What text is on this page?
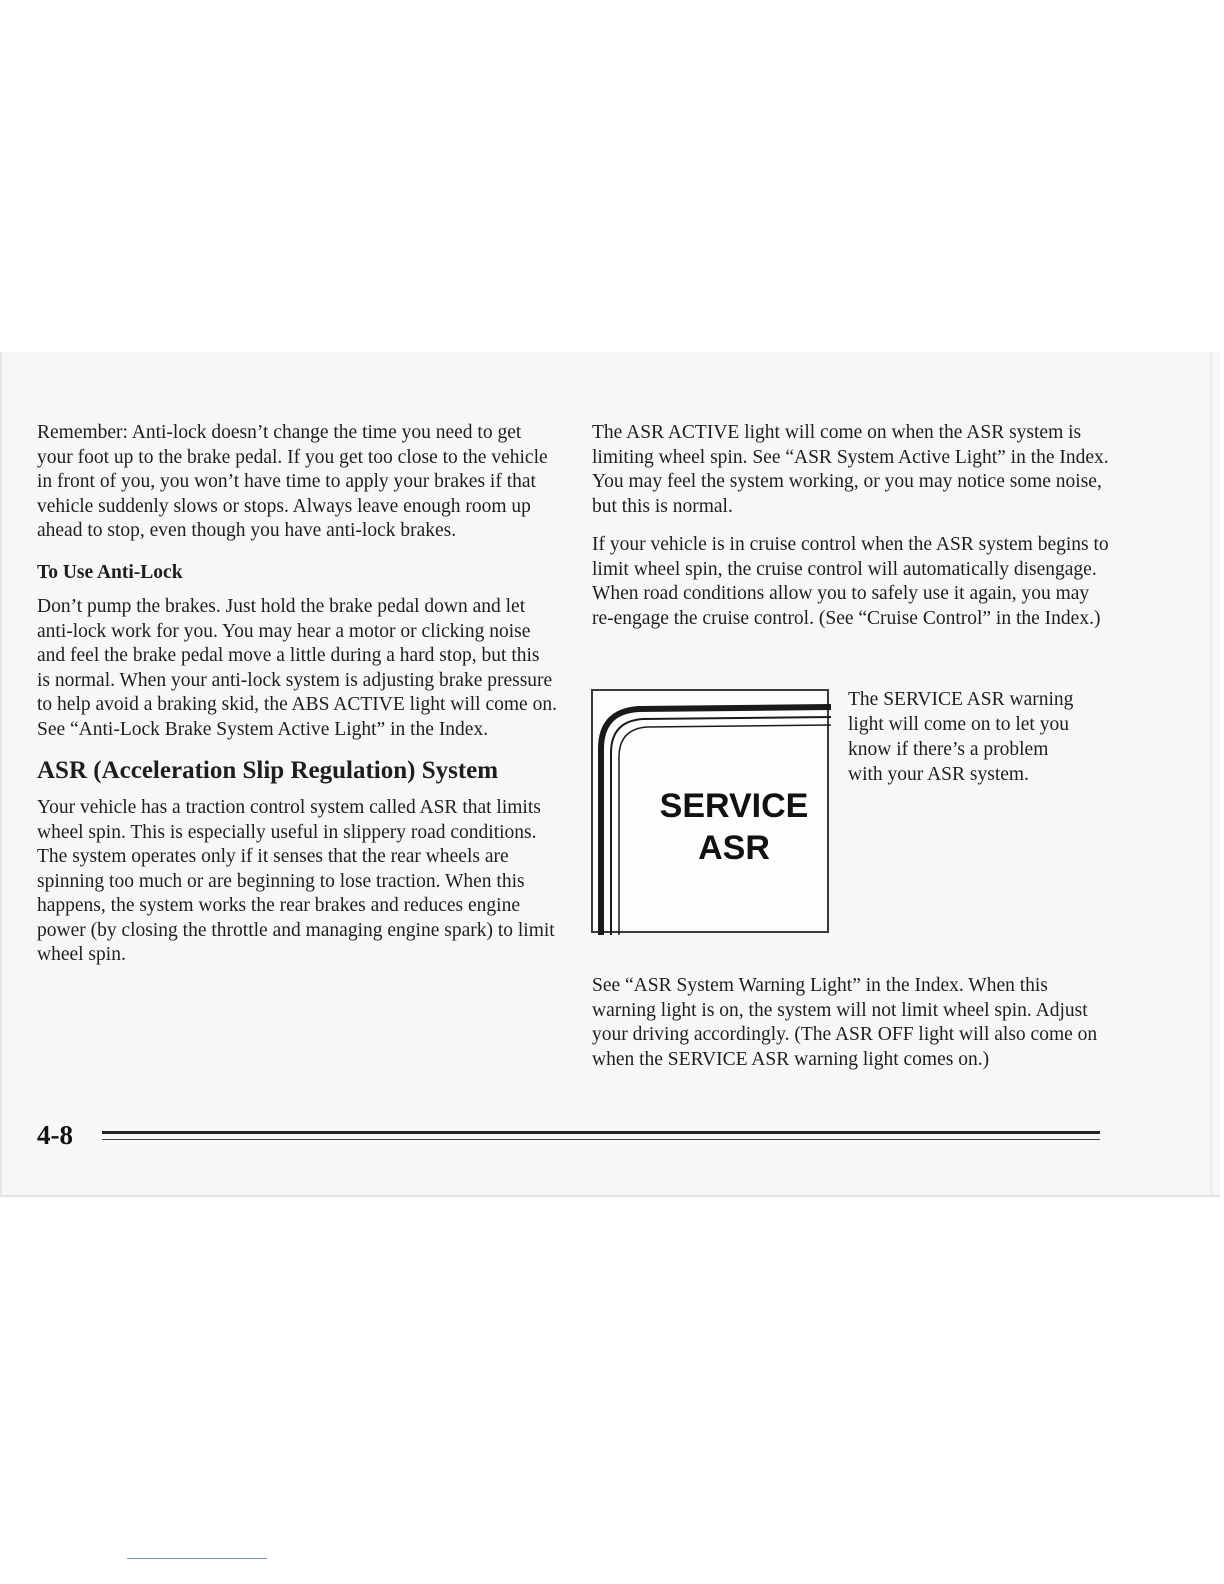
Remember: Anti-lock doesn’t change the time you need to get your foot up to the brake pedal. If you get too close to the vehicle in front of you, you won’t have time to apply your brakes if that vehicle suddenly slows or stops. Always leave enough room up ahead to stop, even though you have anti-lock brakes.

To Use Anti-Lock

Don’t pump the brakes. Just hold the brake pedal down and let anti-lock work for you. You may hear a motor or clicking noise and feel the brake pedal move a little during a hard stop, but this is normal. When your anti-lock system is adjusting brake pressure to help avoid a braking skid, the ABS ACTIVE light will come on. See “Anti-Lock Brake System Active Light” in the Index.

ASR (Acceleration Slip Regulation) System

Your vehicle has a traction control system called ASR that limits wheel spin. This is especially useful in slippery road conditions. The system operates only if it senses that the rear wheels are spinning too much or are beginning to lose traction. When this happens, the system works the rear brakes and reduces engine power (by closing the throttle and managing engine spark) to limit wheel spin.

The ASR ACTIVE light will come on when the ASR system is limiting wheel spin. See “ASR System Active Light” in the Index. You may feel the system working, or you may notice some noise, but this is normal.

If your vehicle is in cruise control when the ASR system begins to limit wheel spin, the cruise control will automatically disengage. When road conditions allow you to safely use it again, you may re-engage the cruise control. (See “Cruise Control” in the Index.)

SERVICE
ASR
The SERVICE ASR warning light will come on to let you know if there’s a problem with your ASR system.
See “ASR System Warning Light” in the Index. When this warning light is on, the system will not limit wheel spin. Adjust your driving accordingly. (The ASR OFF light will also come on when the SERVICE ASR warning light comes on.)
4-8
